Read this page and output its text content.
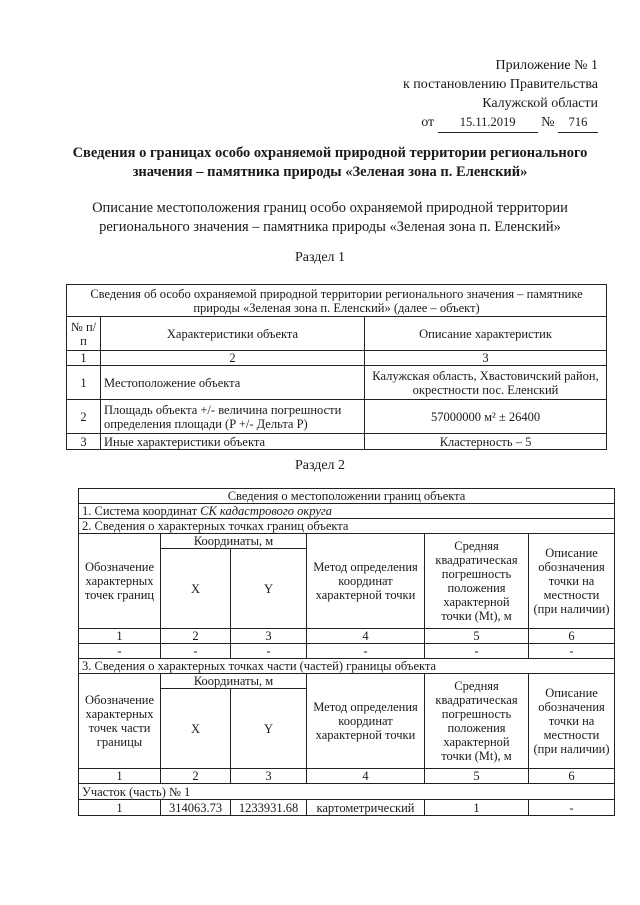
Приложение № 1
к постановлению Правительства
Калужской области
от 15.11.2019 № 716
Сведения о границах особо охраняемой природной территории регионального значения – памятника природы «Зеленая зона п. Еленский»
Описание местоположения границ особо охраняемой природной территории регионального значения – памятника природы «Зеленая зона п. Еленский»
Раздел 1
Сведения об особо охраняемой природной территории регионального значения – памятнике природы «Зеленая зона п. Еленский» (далее – объект)		
№ п/п	Характеристики объекта	Описание характеристик
1	2	3
1	Местоположение объекта	Калужская область, Хвастовичский район, окрестности пос. Еленский
2	Площадь объекта +/- величина погрешности определения площади (P +/- Дельта P)	57000000 м² ± 26400
3	Иные характеристики объекта	Кластерность – 5
Раздел 2
Сведения о местоположении границ объекта					
1. Система координат СК кадастрового округа					
2. Сведения о характерных точках границ объекта					
Обозначение характерных точек границ	Координаты, м		Метод определения координат характерной точки	Средняя квадратическая погрешность положения характерной точки (Mt), м	Описание обозначения точки на местности (при наличии)
	X	Y			
1	2	3	4	5	6
-	-	-	-	-	-
3. Сведения о характерных точках части (частей) границы объекта					
Обозначение характерных точек части границы	Координаты, м		Метод определения координат характерной точки	Средняя квадратическая погрешность положения характерной точки (Mt), м	Описание обозначения точки на местности (при наличии)
	X	Y			
1	2	3	4	5	6
Участок (часть) № 1					
1	314063.73	1233931.68	картометрический	1	-
